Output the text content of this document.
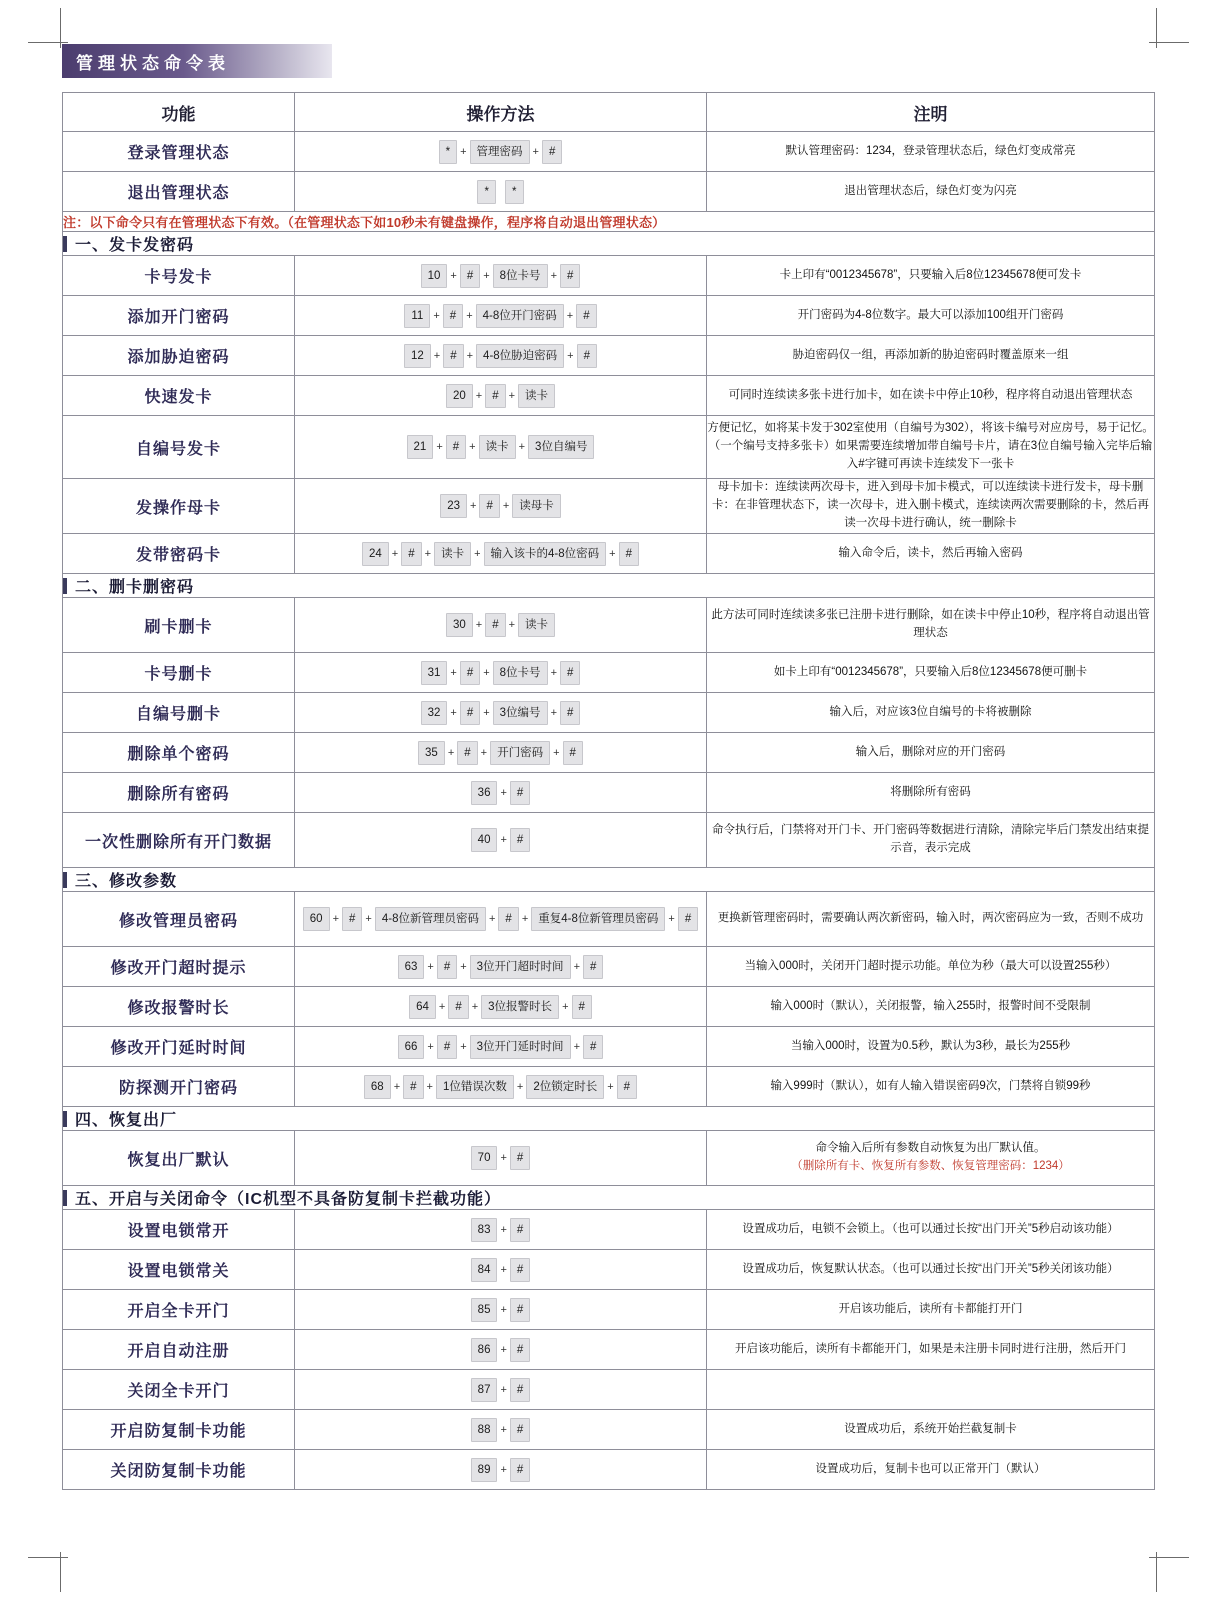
管理状态命令表
功能	操作方法	注明
登录管理状态	* + 管理密码 + #	默认管理密码：1234，登录管理状态后，绿色灯变成常亮
退出管理状态	* *	退出管理状态后，绿色灯变为闪亮
注：以下命令只有在管理状态下有效。（在管理状态下如10秒未有键盘操作，程序将自动退出管理状态）		
一、发卡发密码		
卡号发卡	10 + # + 8位卡号 + #	卡上印有“0012345678”，只要输入后8位12345678便可发卡
添加开门密码	11 + # + 4-8位开门密码 + #	开门密码为4-8位数字。最大可以添加100组开门密码
添加胁迫密码	12 + # + 4-8位胁迫密码 + #	胁迫密码仅一组，再添加新的胁迫密码时覆盖原来一组
快速发卡	20 + # + 读卡	可同时连续读多张卡进行加卡，如在读卡中停止10秒，程序将自动退出管理状态
自编号发卡	21 + # + 读卡 + 3位自编号	方便记忆，如将某卡发于302室使用（自编号为302），将该卡编号对应房号，易于记忆。（一个编号支持多张卡）如果需要连续增加带自编号卡片，请在3位自编号输入完毕后输入#字键可再读卡连续发下一张卡
发操作母卡	23 + # + 读母卡	母卡加卡：连续读两次母卡，进入到母卡加卡模式，可以连续读卡进行发卡，母卡删卡：在非管理状态下，读一次母卡，进入删卡模式，连续读两次需要删除的卡，然后再读一次母卡进行确认，统一删除卡
发带密码卡	24 + # + 读卡 + 输入该卡的4-8位密码 + #	输入命令后，读卡，然后再输入密码
二、删卡删密码		
刷卡删卡	30 + # + 读卡	此方法可同时连续读多张已注册卡进行删除，如在读卡中停止10秒，程序将自动退出管理状态
卡号删卡	31 + # + 8位卡号 + #	如卡上印有“0012345678”，只要输入后8位12345678便可删卡
自编号删卡	32 + # + 3位编号 + #	输入后，对应该3位自编号的卡将被删除
删除单个密码	35 + # + 开门密码 + #	输入后，删除对应的开门密码
删除所有密码	36 + #	将删除所有密码
一次性删除所有开门数据	40 + #	命令执行后，门禁将对开门卡、开门密码等数据进行清除，清除完毕后门禁发出结束提示音，表示完成
三、修改参数		
修改管理员密码	60 + # + 4-8位新管理员密码 + # + 重复4-8位新管理员密码 + #	更换新管理密码时，需要确认两次新密码，输入时，两次密码应为一致，否则不成功
修改开门超时提示	63 + # + 3位开门超时时间 + #	当输入000时，关闭开门超时提示功能。单位为秒（最大可以设置255秒）
修改报警时长	64 + # + 3位报警时长 + #	输入000时（默认），关闭报警，输入255时，报警时间不受限制
修改开门延时时间	66 + # + 3位开门延时时间 + #	当输入000时，设置为0.5秒，默认为3秒，最长为255秒
防探测开门密码	68 + # + 1位错误次数 + 2位锁定时长 + #	输入999时（默认），如有人输入错误密码9次，门禁将自锁99秒
四、恢复出厂		
恢复出厂默认	70 + #	命令输入后所有参数自动恢复为出厂默认值。
（删除所有卡、恢复所有参数、恢复管理密码：1234）

五、开启与关闭命令（IC机型不具备防复制卡拦截功能）		
设置电锁常开	83 + #	设置成功后，电锁不会锁上。（也可以通过长按“出门开关”5秒启动该功能）
设置电锁常关	84 + #	设置成功后，恢复默认状态。（也可以通过长按“出门开关”5秒关闭该功能）
开启全卡开门	85 + #	开启该功能后，读所有卡都能打开门
开启自动注册	86 + #	开启该功能后，读所有卡都能开门，如果是未注册卡同时进行注册，然后开门
关闭全卡开门	87 + #	
开启防复制卡功能	88 + #	设置成功后，系统开始拦截复制卡
关闭防复制卡功能	89 + #	设置成功后，复制卡也可以正常开门（默认）
